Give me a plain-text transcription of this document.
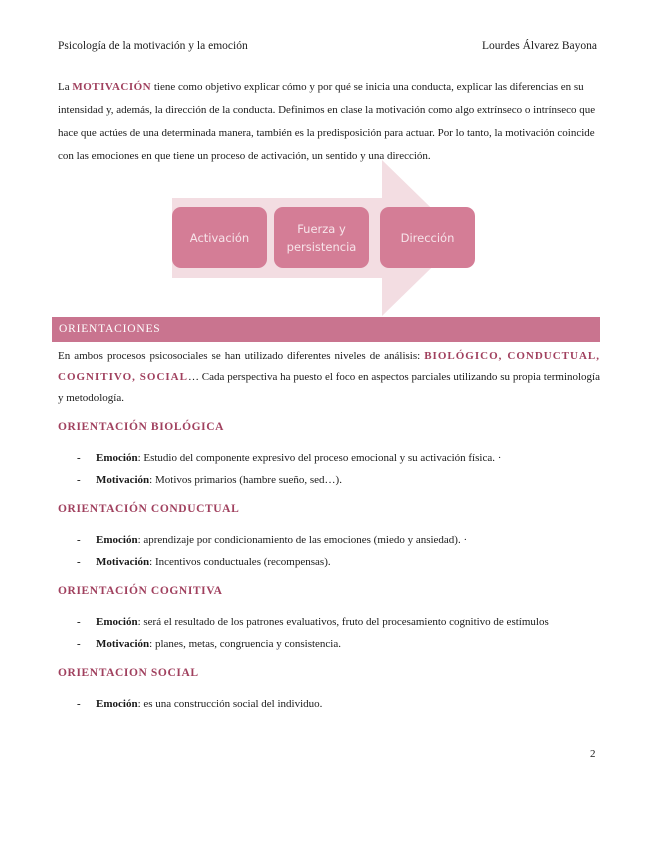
Psicología de la motivación y la emoción	Lourdes Álvarez Bayona
La MOTIVACIÓN tiene como objetivo explicar cómo y por qué se inicia una conducta, explicar las diferencias en su intensidad y, además, la dirección de la conducta. Definimos en clase la motivación como algo extrínseco o intrínseco que hace que actúes de una determinada manera, también es la predisposición para actuar. Por lo tanto, la motivación coincide con las emociones en que tiene un proceso de activación, un sentido y una dirección.
Activación
Fuerza y
persistencia
Dirección
ORIENTACIONES
En ambos procesos psicosociales se han utilizado diferentes niveles de análisis: BIOLÓGICO, CONDUCTUAL, COGNITIVO, SOCIAL… Cada perspectiva ha puesto el foco en aspectos parciales utilizando su propia terminología y metodología.
ORIENTACIÓN BIOLÓGICA
- Emoción: Estudio del componente expresivo del proceso emocional y su activación física. ·
- Motivación: Motivos primarios (hambre sueño, sed…).
ORIENTACIÓN CONDUCTUAL
- Emoción: aprendizaje por condicionamiento de las emociones (miedo y ansiedad). ·
- Motivación: Incentivos conductuales (recompensas).
ORIENTACIÓN COGNITIVA
- Emoción: será el resultado de los patrones evaluativos, fruto del procesamiento cognitivo de estímulos
- Motivación: planes, metas, congruencia y consistencia.
ORIENTACION SOCIAL
- Emoción: es una construcción social del individuo.
2
